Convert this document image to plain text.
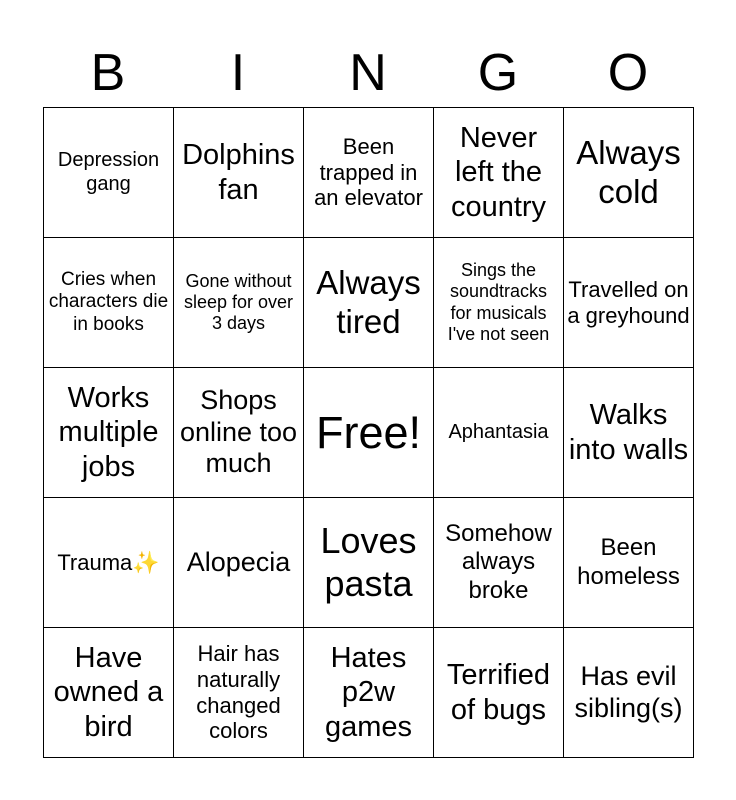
B	I	N	G	O
Depression gang	Dolphins fan	Been trapped in an elevator	Never left the country	Always cold
Cries when characters die in books	Gone without sleep for over 3 days	Always tired	Sings the soundtracks for musicals I've not seen	Travelled on a greyhound
Works multiple jobs	Shops online too much	Free!	Aphantasia	Walks into walls
Trauma✨	Alopecia	Loves pasta	Somehow always broke	Been homeless
Have owned a bird	Hair has naturally changed colors	Hates p2w games	Terrified of bugs	Has evil sibling(s)
